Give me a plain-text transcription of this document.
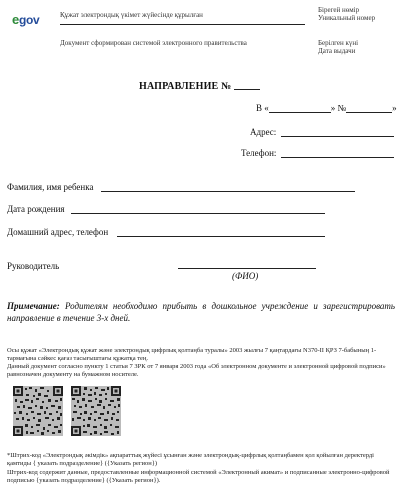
egov	Құжат электрондық үкімет жүйесінде құрылған
Документ сформирован системой электронного правительства
Бірегей нөмір
Уникальный номер
Берілген күні
Дата выдачи
НАПРАВЛЕНИЕ №
В «	» №	»
Адрес:
Телефон:
Фамилия, имя ребенка
Дата рождения
Домашний адрес, телефон
Руководитель
(ФИО)
Примечание: Родителям необходимо прибыть в дошкольное учреждение и зарегистрировать направление в течение 3-х дней.
Осы құжат «Электрондық құжат және электрондық цифрлық қолтаңба туралы» 2003 жылғы 7 қаңтардағы N370-II ҚРЗ 7-бабының 1-тармағына сәйкес қағаз тасығыштағы құжатқа тең.
Данный документ согласно пункту 1 статьи 7 ЗРК от 7 января 2003 года «Об электронном документе и электронной цифровой подписи» равнозначен документу на бумажном носителе.
*Штрих-код «Электрондық әкімдік» ақпараттық жүйесі ұсынған және электрондық-цифрлық қолтаңбамен қол қойылған деректерді қамтиды { указать подразделение} ({Указать регион})
Штрих-код содержит данные, предоставленные информационной системой «Электронный акимат» и подписанные электронно-цифровой подписью {указать подразделение} ({Указать регион}).
